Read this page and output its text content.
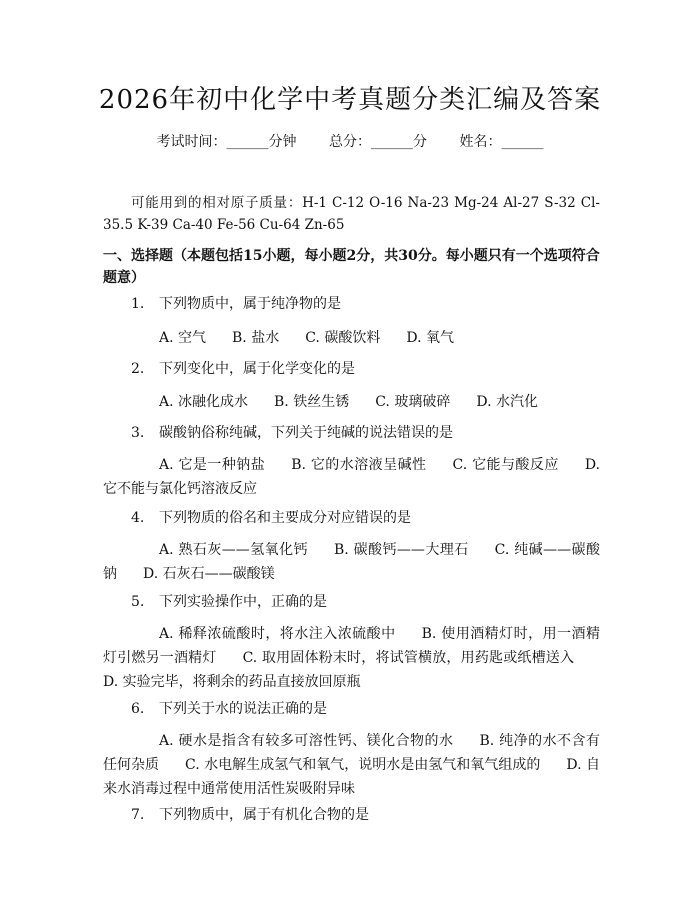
2026年初中化学中考真题分类汇编及答案
考试时间：______分钟 总分：______分 姓名：______
可能用到的相对原子质量：H-1 C-12 O-16 Na-23 Mg-24 Al-27 S-32 Cl-35.5 K-39 Ca-40 Fe-56 Cu-64 Zn-65
一、选择题（本题包括15小题，每小题2分，共30分。每小题只有一个选项符合题意）
1. 下列物质中，属于纯净物的是
A. 空气 B. 盐水 C. 碳酸饮料 D. 氧气
2. 下列变化中，属于化学变化的是
A. 冰融化成水 B. 铁丝生锈 C. 玻璃破碎 D. 水汽化
3. 碳酸钠俗称纯碱，下列关于纯碱的说法错误的是
A. 它是一种钠盐 B. 它的水溶液呈碱性 C. 它能与酸反应 D. 它不能与氯化钙溶液反应
4. 下列物质的俗名和主要成分对应错误的是
A. 熟石灰——氢氧化钙 B. 碳酸钙——大理石 C. 纯碱——碳酸钠 D. 石灰石——碳酸镁
5. 下列实验操作中，正确的是
A. 稀释浓硫酸时，将水注入浓硫酸中 B. 使用酒精灯时，用一酒精灯引燃另一酒精灯 C. 取用固体粉末时，将试管横放，用药匙或纸槽送入D. 实验完毕，将剩余的药品直接放回原瓶
6. 下列关于水的说法正确的是
A. 硬水是指含有较多可溶性钙、镁化合物的水 B. 纯净的水不含有任何杂质 C. 水电解生成氢气和氧气，说明水是由氢气和氧气组成的 D. 自来水消毒过程中通常使用活性炭吸附异味
7. 下列物质中，属于有机化合物的是
